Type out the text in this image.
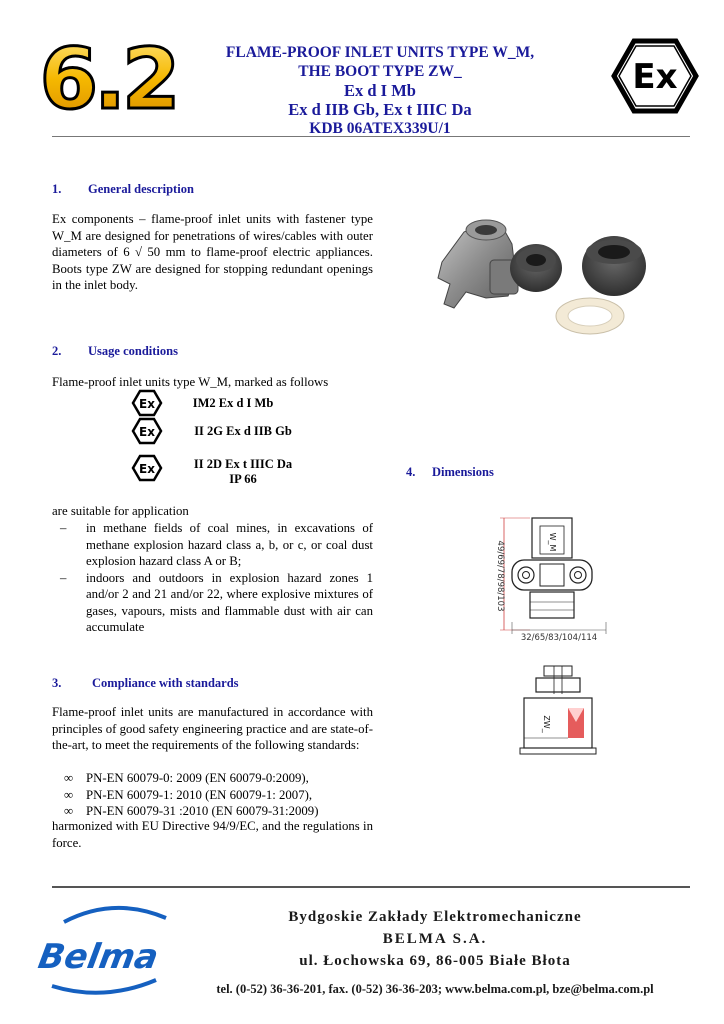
6.2	FLAME-PROOF INLET UNITS TYPE W_M,
THE BOOT TYPE ZW_
Ex d I Mb
Ex d IIB Gb, Ex t IIIC Da
KDB 06ATEX339U/1
Ex
1. General description
Ex components – flame-proof inlet units with fastener type W_M are designed for penetrations of wires/cables with outer diameters of 6 √ 50 mm to flame-proof electric appliances. Boots type ZW are designed for stopping redundant openings in the inlet body.
2. Usage conditions
Flame-proof inlet units type W_M, marked as follows
Ex	IM2 Ex d I Mb
Ex	II 2G Ex d IIB Gb
Ex	II 2D Ex t IIIC Da
IP 66
are suitable for application
– in methane fields of coal mines, in excavations of methane explosion hazard class a, b, or c, or coal dust explosion hazard class A or B;
– indoors and outdoors in explosion hazard zones 1 and/or 2 and 21 and/or 22, where explosive mixtures of gases, vapours, mists and flammable dust with air can accumulate
3. Compliance with standards
Flame-proof inlet units are manufactured in accordance with principles of good safety engineering practice and are state-of-the-art, to meet the requirements of the following standards:
∞ PN-EN 60079-0: 2009 (EN 60079-0:2009),
∞ PN-EN 60079-1: 2010 (EN 60079-1: 2007),
∞ PN-EN 60079-31 :2010 (EN 60079-31:2009)
harmonized with EU Directive 94/9/EC, and the regulations in force.
4. Dimensions
49/69/78/98/103	W_M
32/65/83/104/114
ZW_
Belma
Bydgoskie Zakłady Elektromechaniczne
BELMA S.A.
ul. Łochowska 69, 86-005 Białe Błota
tel. (0-52) 36-36-201, fax. (0-52) 36-36-203; www.belma.com.pl, bze@belma.com.pl
